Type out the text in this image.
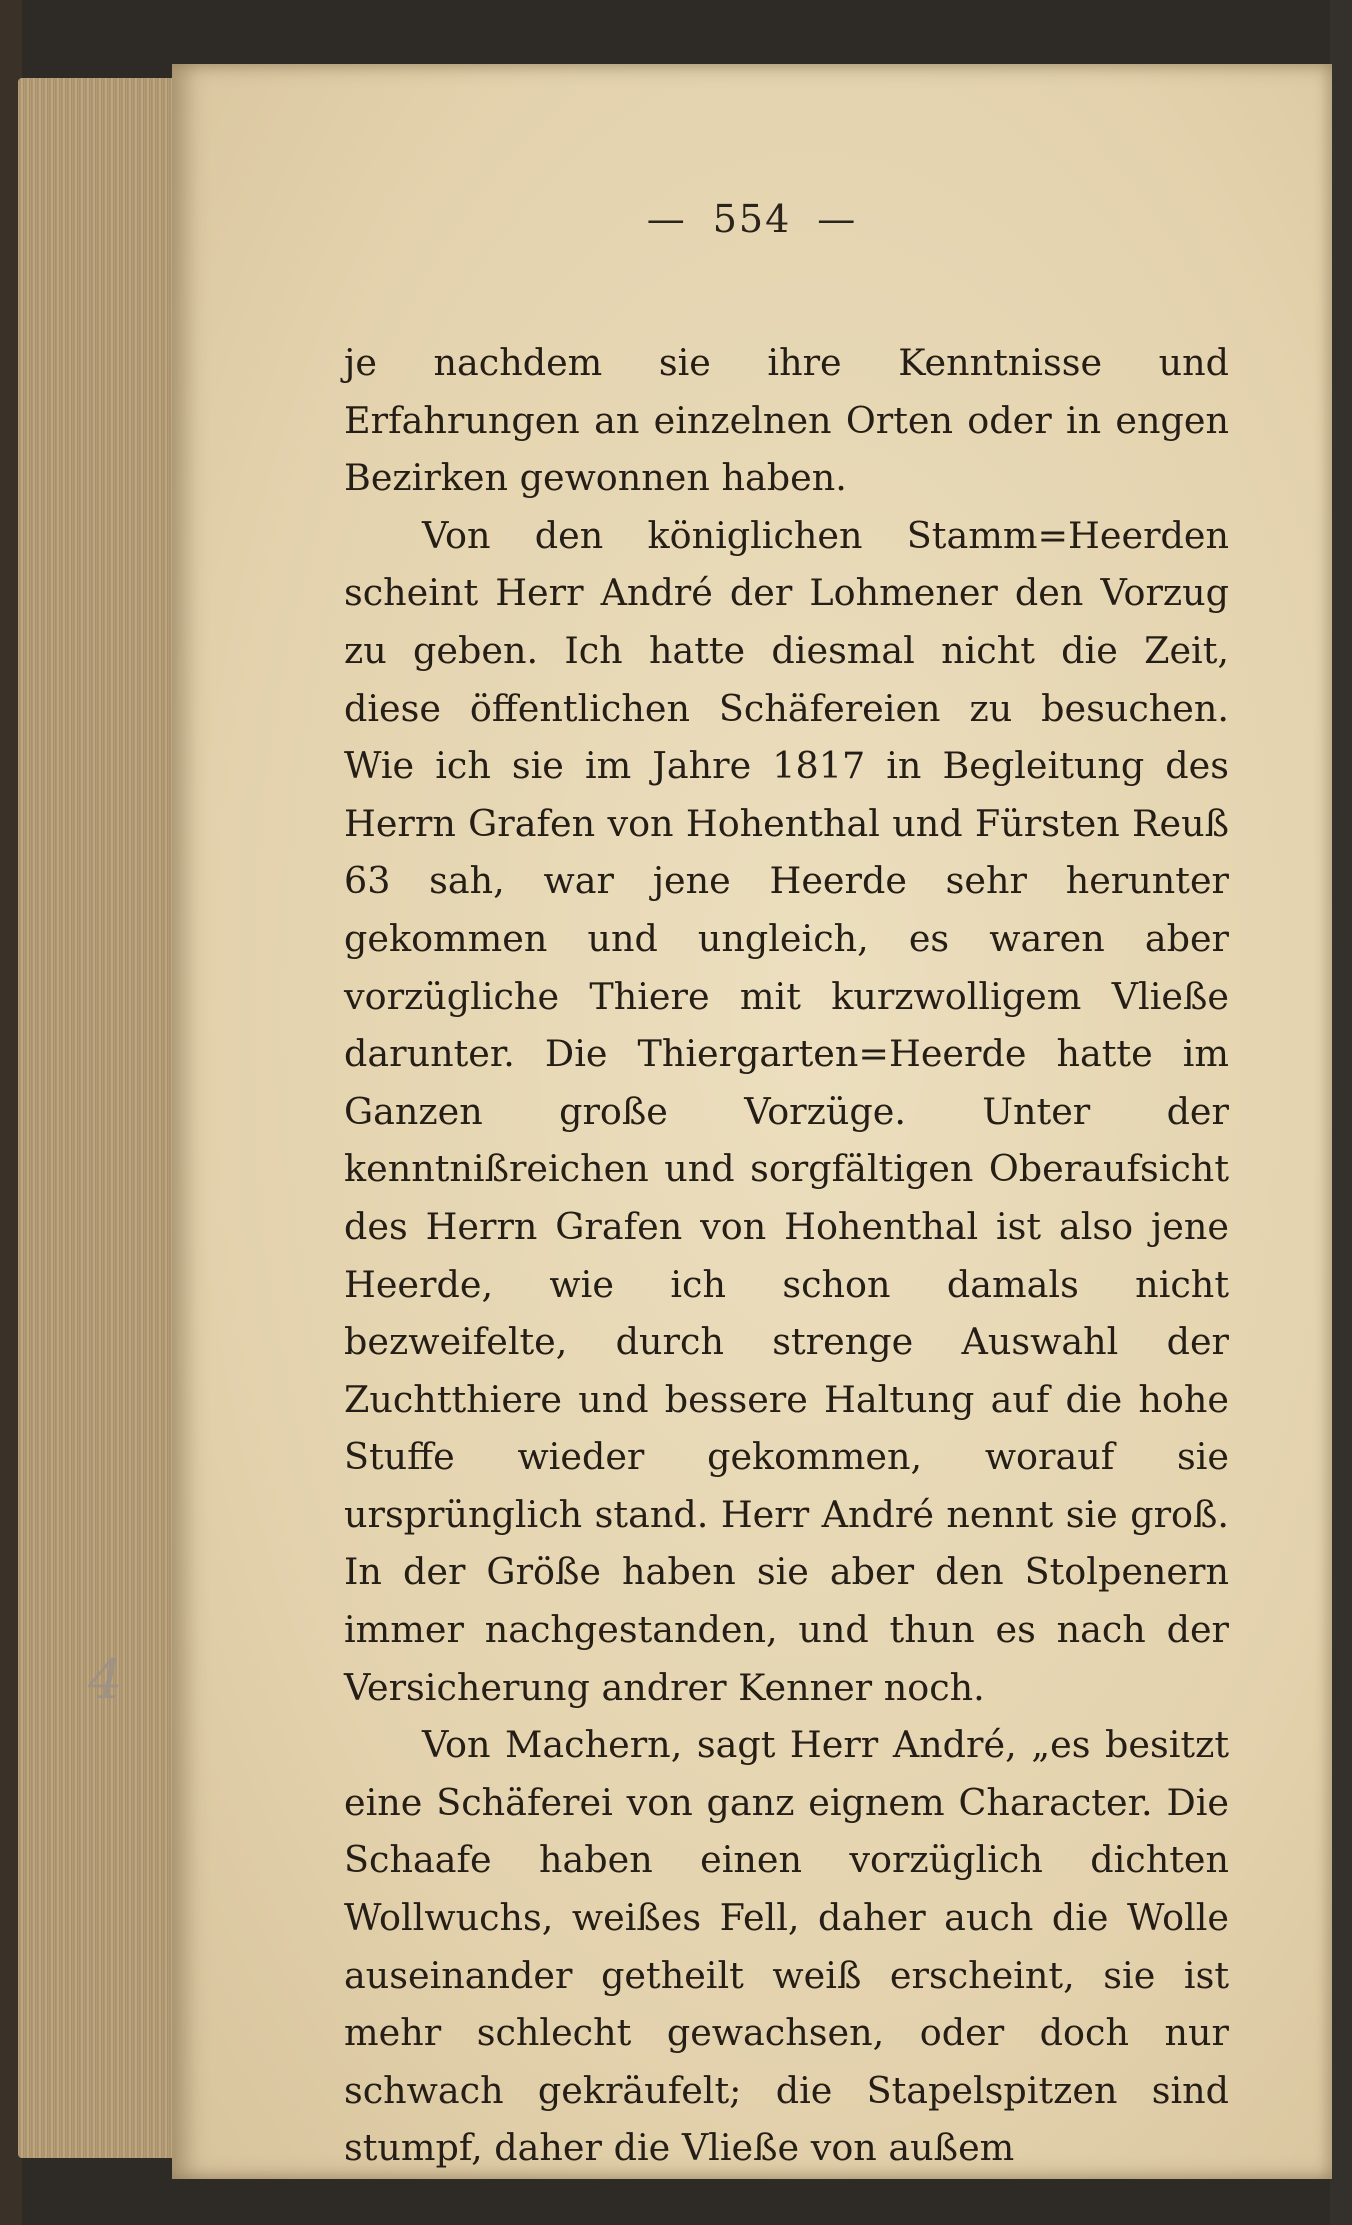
— 554 —

je nachdem sie ihre Kenntnisse und Erfahrungen an einzelnen Orten oder in engen Bezirken gewonnen haben.

Von den königlichen Stamm=Heerden scheint Herr André der Lohmener den Vorzug zu geben. Ich hatte diesmal nicht die Zeit, diese öffentlichen Schäfereien zu besuchen. Wie ich sie im Jahre 1817 in Begleitung des Herrn Grafen von Hohenthal und Fürsten Reuß 63 sah, war jene Heerde sehr herunter gekommen und ungleich, es waren aber vorzügliche Thiere mit kurzwolligem Vließe darunter. Die Thiergarten=Heerde hatte im Ganzen große Vorzüge. Unter der kenntnißreichen und sorgfältigen Oberaufsicht des Herrn Grafen von Hohenthal ist also jene Heerde, wie ich schon damals nicht bezweifelte, durch strenge Auswahl der Zuchtthiere und bessere Haltung auf die hohe Stuffe wieder gekommen, worauf sie ursprünglich stand. Herr André nennt sie groß. In der Größe haben sie aber den Stolpenern immer nachgestanden, und thun es nach der Versicherung andrer Kenner noch.

Von Machern, sagt Herr André, „es besitzt eine Schäferei von ganz eignem Character. Die Schaafe haben einen vorzüglich dichten Wollwuchs, weißes Fell, daher auch die Wolle auseinander getheilt weiß erscheint, sie ist mehr schlecht gewachsen, oder doch nur schwach gekräufelt; die Stapelspitzen sind stumpf, daher die Vließe von außem

4
